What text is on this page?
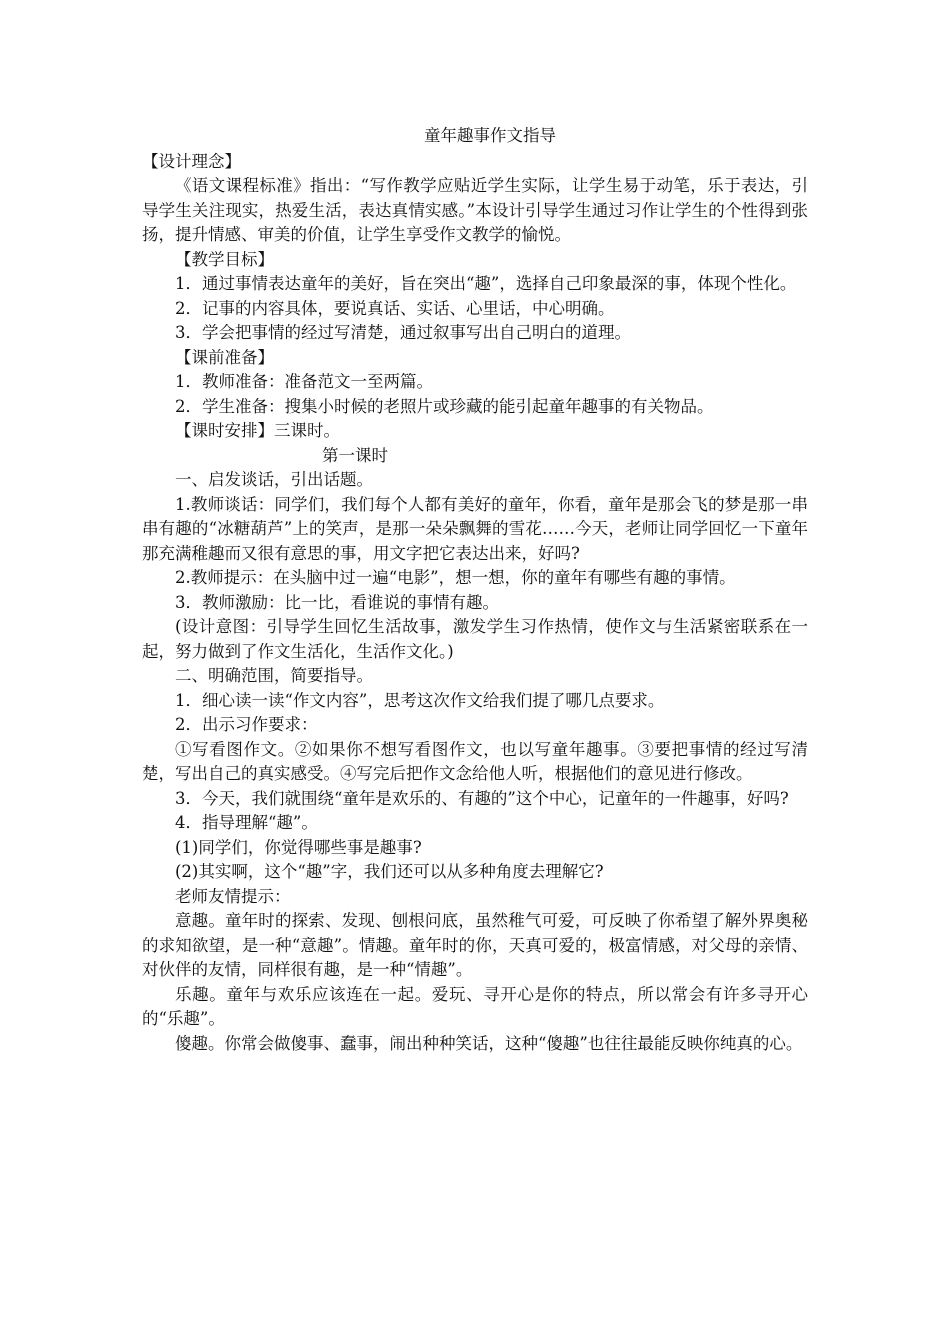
童年趣事作文指导

【设计理念】

《语文课程标准》指出：“写作教学应贴近学生实际，让学生易于动笔，乐于表达，引导学生关注现实，热爱生活，表达真情实感。”本设计引导学生通过习作让学生的个性得到张扬，提升情感、审美的价值，让学生享受作文教学的愉悦。

【教学目标】

1．通过事情表达童年的美好，旨在突出“趣”，选择自己印象最深的事，体现个性化。

2．记事的内容具体，要说真话、实话、心里话，中心明确。

3．学会把事情的经过写清楚，通过叙事写出自己明白的道理。

【课前准备】

1．教师准备：准备范文一至两篇。

2．学生准备：搜集小时候的老照片或珍藏的能引起童年趣事的有关物品。

【课时安排】三课时。

第一课时

一、启发谈话，引出话题。

1.教师谈话：同学们，我们每个人都有美好的童年，你看，童年是那会飞的梦是那一串串有趣的“冰糖葫芦”上的笑声，是那一朵朵飘舞的雪花……今天，老师让同学回忆一下童年那充满稚趣而又很有意思的事，用文字把它表达出来，好吗?

2.教师提示：在头脑中过一遍“电影”，想一想，你的童年有哪些有趣的事情。

3．教师激励：比一比，看谁说的事情有趣。

(设计意图：引导学生回忆生活故事，激发学生习作热情，使作文与生活紧密联系在一起，努力做到了作文生活化，生活作文化。)

二、明确范围，简要指导。

1．细心读一读“作文内容”，思考这次作文给我们提了哪几点要求。

2．出示习作要求：

①写看图作文。②如果你不想写看图作文，也以写童年趣事。③要把事情的经过写清楚，写出自己的真实感受。④写完后把作文念给他人听，根据他们的意见进行修改。

3．今天，我们就围绕“童年是欢乐的、有趣的”这个中心，记童年的一件趣事，好吗?

4．指导理解“趣”。

(1)同学们，你觉得哪些事是趣事?

(2)其实啊，这个“趣”字，我们还可以从多种角度去理解它?

老师友情提示：

意趣。童年时的探索、发现、刨根问底，虽然稚气可爱，可反映了你希望了解外界奥秘的求知欲望，是一种“意趣”。情趣。童年时的你，天真可爱的，极富情感，对父母的亲情、对伙伴的友情，同样很有趣，是一种“情趣”。

乐趣。童年与欢乐应该连在一起。爱玩、寻开心是你的特点，所以常会有许多寻开心的“乐趣”。

傻趣。你常会做傻事、蠢事，闹出种种笑话，这种“傻趣”也往往最能反映你纯真的心。
